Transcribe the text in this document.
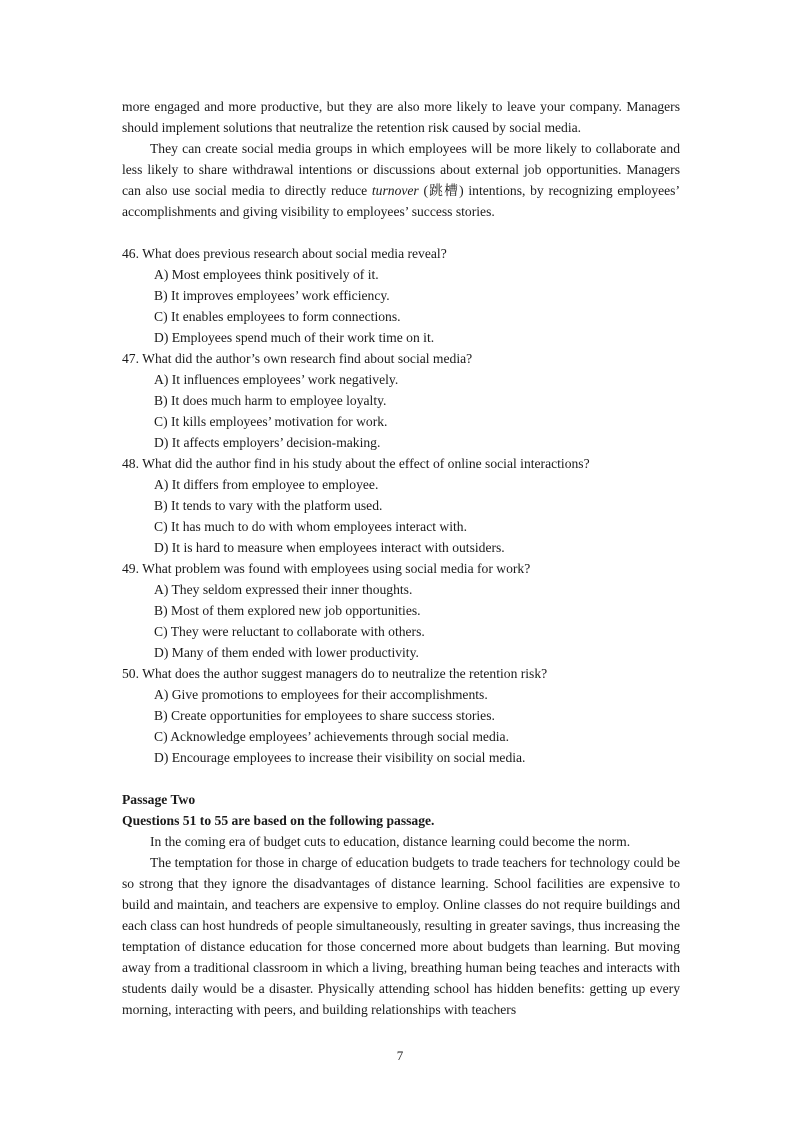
more engaged and more productive, but they are also more likely to leave your company. Managers should implement solutions that neutralize the retention risk caused by social media.

They can create social media groups in which employees will be more likely to collaborate and less likely to share withdrawal intentions or discussions about external job opportunities. Managers can also use social media to directly reduce turnover (跳槽) intentions, by recognizing employees’ accomplishments and giving visibility to employees’ success stories.

46. What does previous research about social media reveal?

A) Most employees think positively of it.

B) It improves employees’ work efficiency.

C) It enables employees to form connections.

D) Employees spend much of their work time on it.

47. What did the author’s own research find about social media?

A) It influences employees’ work negatively.

B) It does much harm to employee loyalty.

C) It kills employees’ motivation for work.

D) It affects employers’ decision-making.

48. What did the author find in his study about the effect of online social interactions?

A) It differs from employee to employee.

B) It tends to vary with the platform used.

C) It has much to do with whom employees interact with.

D) It is hard to measure when employees interact with outsiders.

49. What problem was found with employees using social media for work?

A) They seldom expressed their inner thoughts.

B) Most of them explored new job opportunities.

C) They were reluctant to collaborate with others.

D) Many of them ended with lower productivity.

50. What does the author suggest managers do to neutralize the retention risk?

A) Give promotions to employees for their accomplishments.

B) Create opportunities for employees to share success stories.

C) Acknowledge employees’ achievements through social media.

D) Encourage employees to increase their visibility on social media.

Passage Two

Questions 51 to 55 are based on the following passage.

In the coming era of budget cuts to education, distance learning could become the norm.

The temptation for those in charge of education budgets to trade teachers for technology could be so strong that they ignore the disadvantages of distance learning. School facilities are expensive to build and maintain, and teachers are expensive to employ. Online classes do not require buildings and each class can host hundreds of people simultaneously, resulting in greater savings, thus increasing the temptation of distance education for those concerned more about budgets than learning. But moving away from a traditional classroom in which a living, breathing human being teaches and interacts with students daily would be a disaster. Physically attending school has hidden benefits: getting up every morning, interacting with peers, and building relationships with teachers

7
